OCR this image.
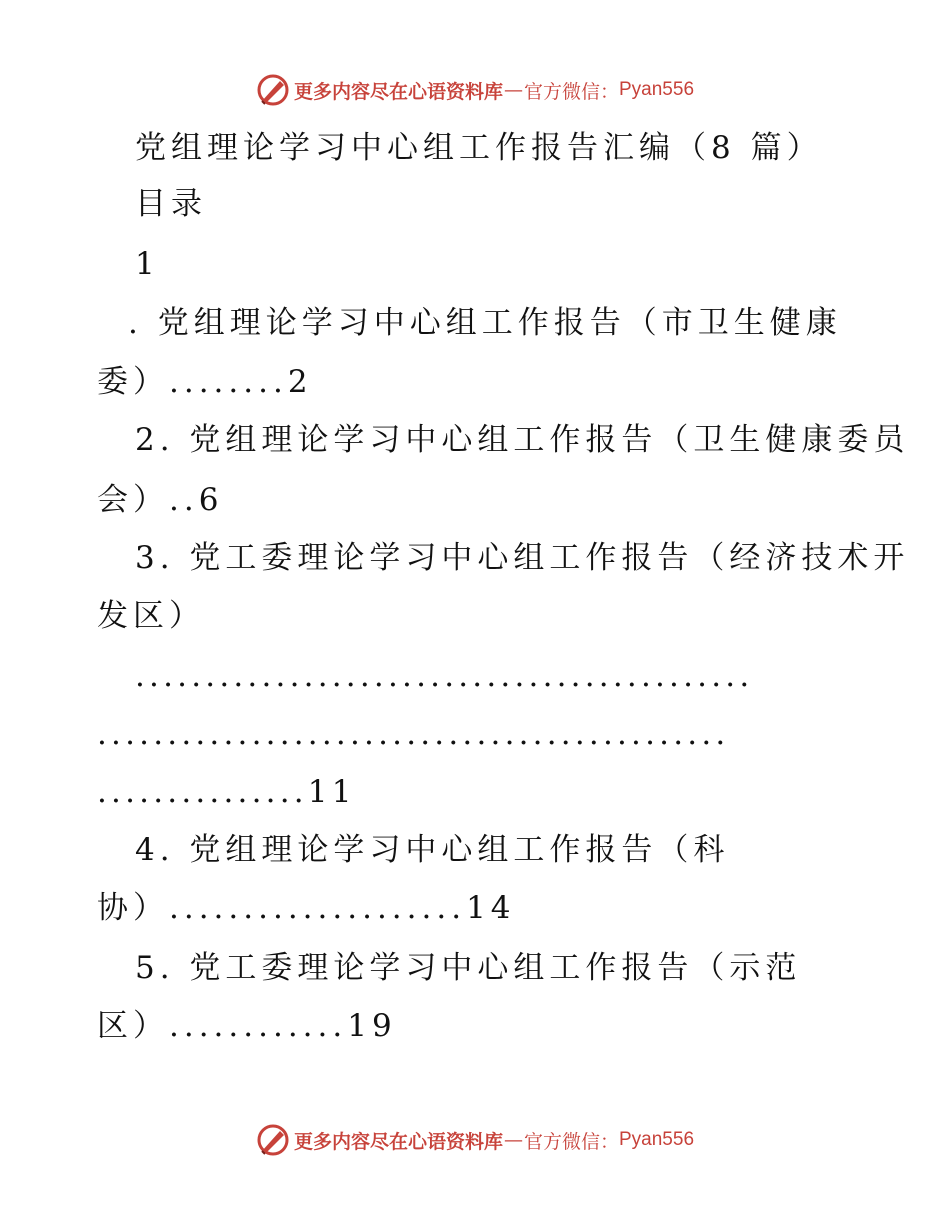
更多内容尽在心语资料库 — 官方微信： Pyan556
党组理论学习中心组工作报告汇编（8 篇）
目录
1
. 党组理论学习中心组工作报告（市卫生健康
委）........2
2. 党组理论学习中心组工作报告（卫生健康委员
会）..6
3. 党工委理论学习中心组工作报告（经济技术开
发区）
............................................
.............................................
...............11
4. 党组理论学习中心组工作报告（科
协）....................14
5. 党工委理论学习中心组工作报告（示范
区）............19
更多内容尽在心语资料库 — 官方微信： Pyan556
